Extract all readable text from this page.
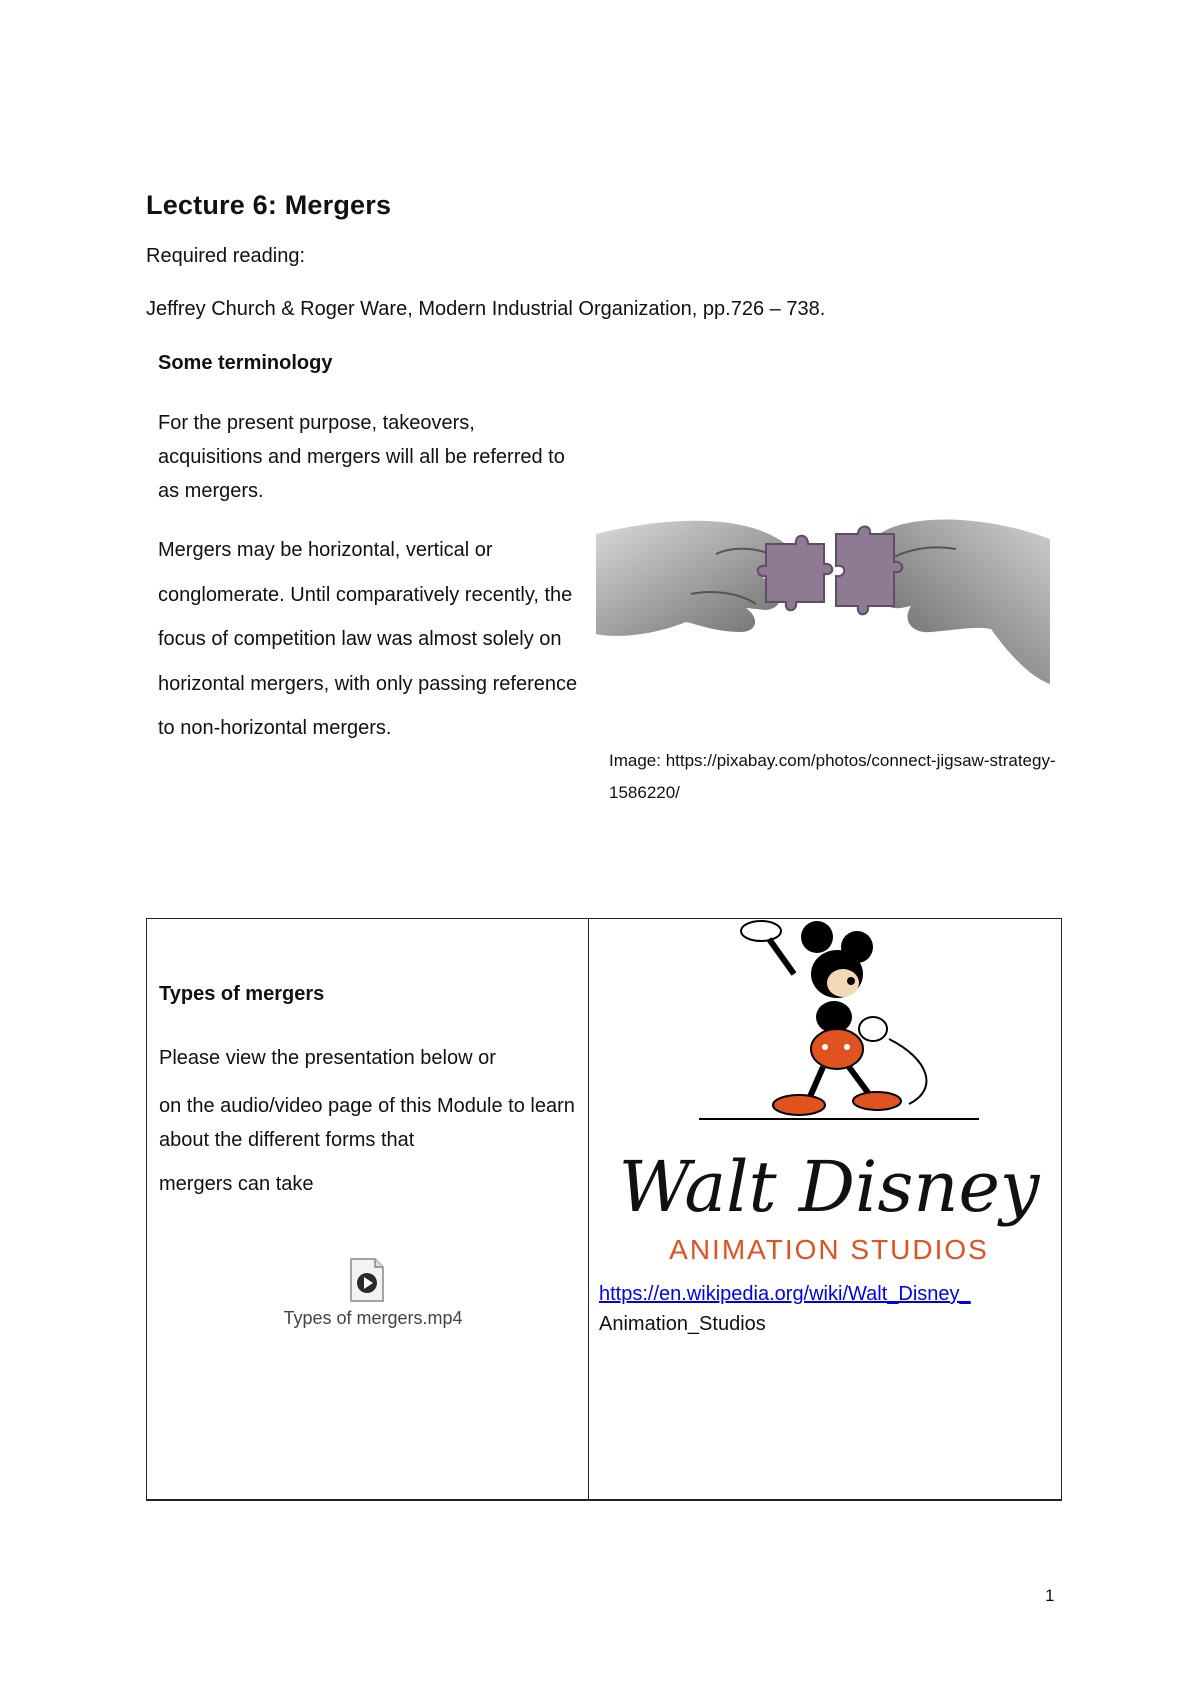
Lecture 6: Mergers
Required reading:
Jeffrey Church & Roger Ware, Modern Industrial Organization, pp.726 – 738.
Some terminology
For the present purpose, takeovers, acquisitions and mergers will all be referred to as mergers.
Mergers may be horizontal, vertical or conglomerate. Until comparatively recently, the focus of competition law was almost solely on horizontal mergers, with only passing reference to non-horizontal mergers.
Image: https://pixabay.com/photos/connect-jigsaw-strategy-1586220/
Types of mergers
Please view the presentation below or
on the audio/video page of this Module to learn about the different forms that
mergers can take
Types of mergers.mp4
Walt Disney
ANIMATION STUDIOS
https://en.wikipedia.org/wiki/Walt_Disney_
Animation_Studios
1
